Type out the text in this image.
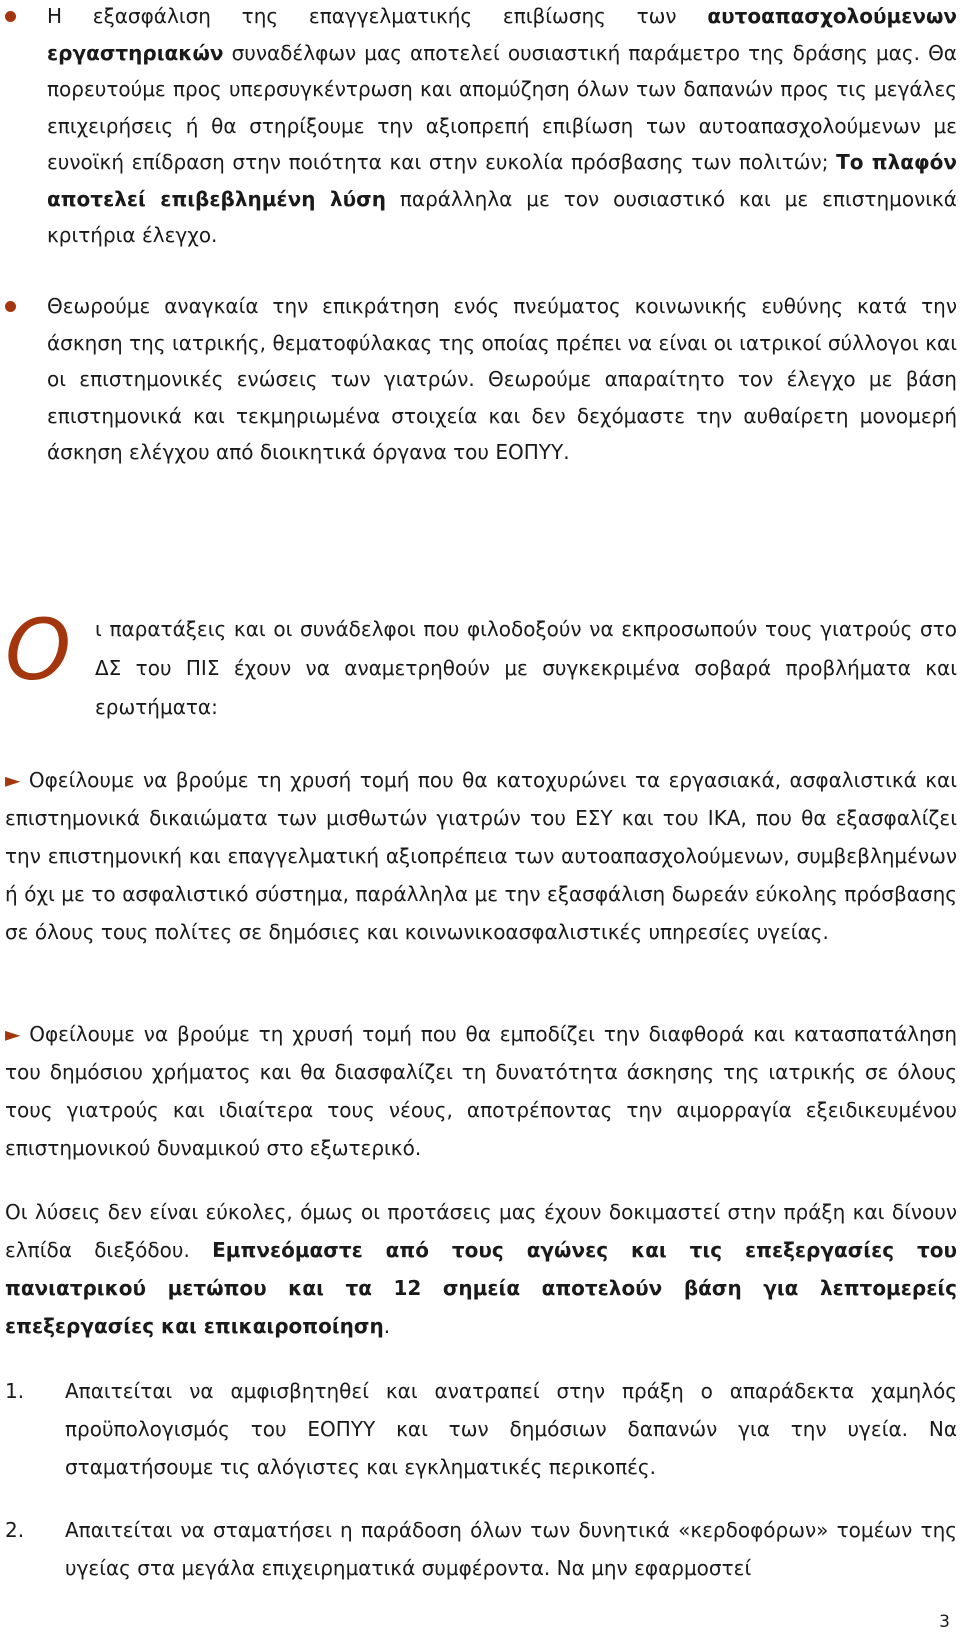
Η εξασφάλιση της επαγγελματικής επιβίωσης των αυτοαπασχολούμενων εργαστηριακών συναδέλφων μας αποτελεί ουσιαστική παράμετρο της δράσης μας. Θα πορευτούμε προς υπερσυγκέντρωση και απομύζηση όλων των δαπανών προς τις μεγάλες επιχειρήσεις ή θα στηρίξουμε την αξιοπρεπή επιβίωση των αυτοαπασχολούμενων με ευνοϊκή επίδραση στην ποιότητα και στην ευκολία πρόσβασης των πολιτών; Το πλαφόν αποτελεί επιβεβλημένη λύση παράλληλα με τον ουσιαστικό και με επιστημονικά κριτήρια έλεγχο.

Θεωρούμε αναγκαία την επικράτηση ενός πνεύματος κοινωνικής ευθύνης κατά την άσκηση της ιατρικής, θεματοφύλακας της οποίας πρέπει να είναι οι ιατρικοί σύλλογοι και οι επιστημονικές ενώσεις των γιατρών. Θεωρούμε απαραίτητο τον έλεγχο με βάση επιστημονικά και τεκμηριωμένα στοιχεία και δεν δεχόμαστε την αυθαίρετη μονομερή άσκηση ελέγχου από διοικητικά όργανα του ΕΟΠΥΥ.

Ο	ι παρατάξεις και οι συνάδελφοι που φιλοδοξούν να εκπροσωπούν τους γιατρούς στο ΔΣ του ΠΙΣ έχουν να αναμετρηθούν με συγκεκριμένα σοβαρά προβλήματα και ερωτήματα:

► Οφείλουμε να βρούμε τη χρυσή τομή που θα κατοχυρώνει τα εργασιακά, ασφαλιστικά και επιστημονικά δικαιώματα των μισθωτών γιατρών του ΕΣΥ και του ΙΚΑ, που θα εξασφαλίζει την επιστημονική και επαγγελματική αξιοπρέπεια των αυτοαπασχολούμενων, συμβεβλημένων ή όχι με το ασφαλιστικό σύστημα, παράλληλα με την εξασφάλιση δωρεάν εύκολης πρόσβασης σε όλους τους πολίτες σε δημόσιες και κοινωνικοασφαλιστικές υπηρεσίες υγείας.

► Οφείλουμε να βρούμε τη χρυσή τομή που θα εμποδίζει την διαφθορά και κατασπατάληση του δημόσιου χρήματος και θα διασφαλίζει τη δυνατότητα άσκησης της ιατρικής σε όλους τους γιατρούς και ιδιαίτερα τους νέους, αποτρέποντας την αιμορραγία εξειδικευμένου επιστημονικού δυναμικού στο εξωτερικό.

Οι λύσεις δεν είναι εύκολες, όμως οι προτάσεις μας έχουν δοκιμαστεί στην πράξη και δίνουν ελπίδα διεξόδου. Εμπνεόμαστε από τους αγώνες και τις επεξεργασίες του πανιατρικού μετώπου και τα 12 σημεία αποτελούν βάση για λεπτομερείς επεξεργασίες και επικαιροποίηση.

1. Απαιτείται να αμφισβητηθεί και ανατραπεί στην πράξη ο απαράδεκτα χαμηλός προϋπολογισμός του ΕΟΠΥΥ και των δημόσιων δαπανών για την υγεία. Να σταματήσουμε τις αλόγιστες και εγκληματικές περικοπές.
2. Απαιτείται να σταματήσει η παράδοση όλων των δυνητικά «κερδοφόρων» τομέων της υγείας στα μεγάλα επιχειρηματικά συμφέροντα. Να μην εφαρμοστεί
3
